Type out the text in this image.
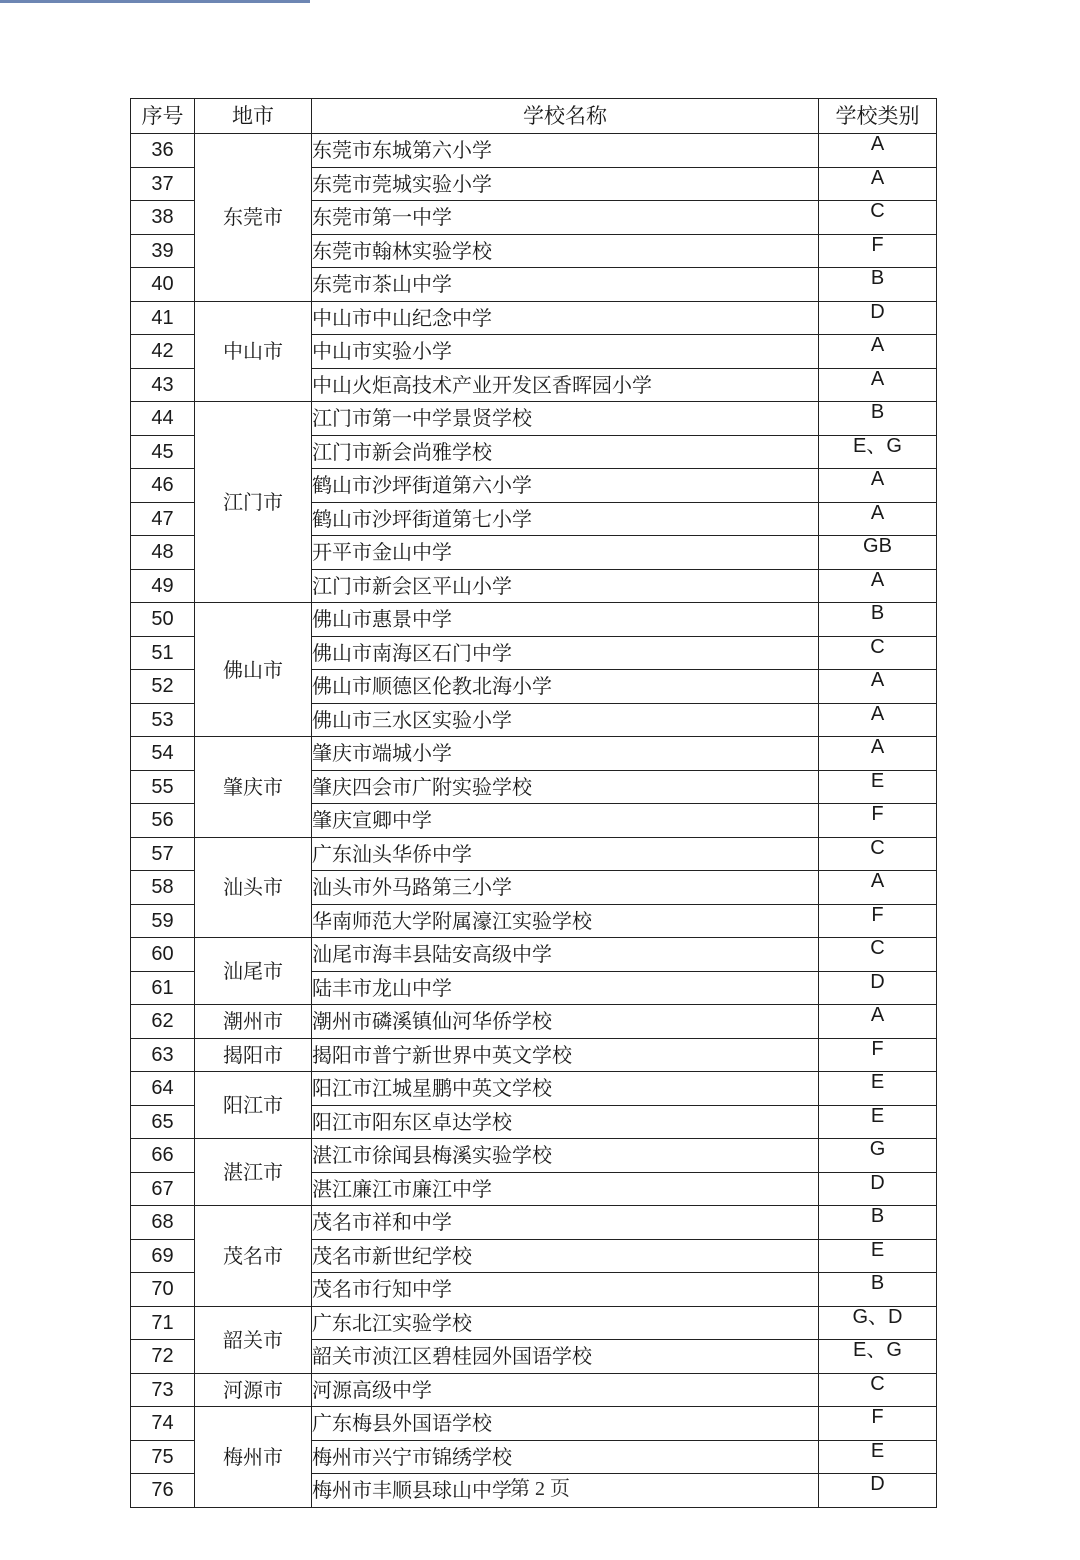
序号	地市	学校名称	学校类别
36	东莞市	东莞市东城第六小学	A
37		东莞市莞城实验小学	A
38		东莞市第一中学	C
39		东莞市翰林实验学校	F
40		东莞市茶山中学	B
41	中山市	中山市中山纪念中学	D
42		中山市实验小学	A
43		中山火炬高技术产业开发区香晖园小学	A
44	江门市	江门市第一中学景贤学校	B
45		江门市新会尚雅学校	E、G
46		鹤山市沙坪街道第六小学	A
47		鹤山市沙坪街道第七小学	A
48		开平市金山中学	GB
49		江门市新会区平山小学	A
50	佛山市	佛山市惠景中学	B
51		佛山市南海区石门中学	C
52		佛山市顺德区伦教北海小学	A
53		佛山市三水区实验小学	A
54	肇庆市	肇庆市端城小学	A
55		肇庆四会市广附实验学校	E
56		肇庆宣卿中学	F
57	汕头市	广东汕头华侨中学	C
58		汕头市外马路第三小学	A
59		华南师范大学附属濠江实验学校	F
60	汕尾市	汕尾市海丰县陆安高级中学	C
61		陆丰市龙山中学	D
62	潮州市	潮州市磷溪镇仙河华侨学校	A
63	揭阳市	揭阳市普宁新世界中英文学校	F
64	阳江市	阳江市江城星鹏中英文学校	E
65		阳江市阳东区卓达学校	E
66	湛江市	湛江市徐闻县梅溪实验学校	G
67		湛江廉江市廉江中学	D
68	茂名市	茂名市祥和中学	B
69		茂名市新世纪学校	E
70		茂名市行知中学	B
71	韶关市	广东北江实验学校	G、D
72		韶关市浈江区碧桂园外国语学校	E、G
73	河源市	河源高级中学	C
74	梅州市	广东梅县外国语学校	F
75		梅州市兴宁市锦绣学校	E
76		梅州市丰顺县球山中学	D
第 2 页
